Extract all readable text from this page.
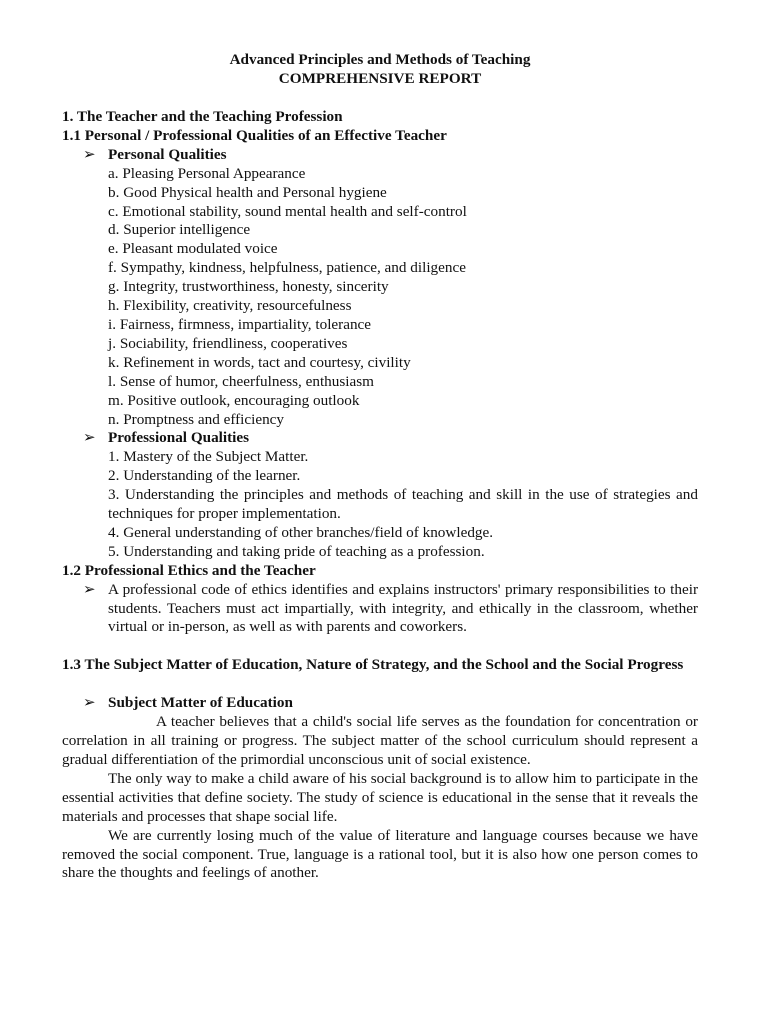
Advanced Principles and Methods of Teaching
COMPREHENSIVE REPORT
1. The Teacher and the Teaching Profession
1.1 Personal / Professional Qualities of an Effective Teacher
➢ Personal Qualities
a. Pleasing Personal Appearance
b. Good Physical health and Personal hygiene
c. Emotional stability, sound mental health and self-control
d. Superior intelligence
e. Pleasant modulated voice
f. Sympathy, kindness, helpfulness, patience, and diligence
g. Integrity, trustworthiness, honesty, sincerity
h. Flexibility, creativity, resourcefulness
i. Fairness, firmness, impartiality, tolerance
j. Sociability, friendliness, cooperatives
k. Refinement in words, tact and courtesy, civility
l. Sense of humor, cheerfulness, enthusiasm
m. Positive outlook, encouraging outlook
n. Promptness and efficiency
➢ Professional Qualities
1. Mastery of the Subject Matter.
2. Understanding of the learner.
3. Understanding the principles and methods of teaching and skill in the use of strategies and techniques for proper implementation.
4. General understanding of other branches/field of knowledge.
5. Understanding and taking pride of teaching as a profession.
1.2 Professional Ethics and the Teacher
➢ A professional code of ethics identifies and explains instructors' primary responsibilities to their students. Teachers must act impartially, with integrity, and ethically in the classroom, whether virtual or in-person, as well as with parents and coworkers.
1.3 The Subject Matter of Education, Nature of Strategy, and the School and the Social Progress
➢ Subject Matter of Education
A teacher believes that a child's social life serves as the foundation for concentration or correlation in all training or progress. The subject matter of the school curriculum should represent a gradual differentiation of the primordial unconscious unit of social existence.
The only way to make a child aware of his social background is to allow him to participate in the essential activities that define society. The study of science is educational in the sense that it reveals the materials and processes that shape social life.
We are currently losing much of the value of literature and language courses because we have removed the social component. True, language is a rational tool, but it is also how one person comes to share the thoughts and feelings of another.
